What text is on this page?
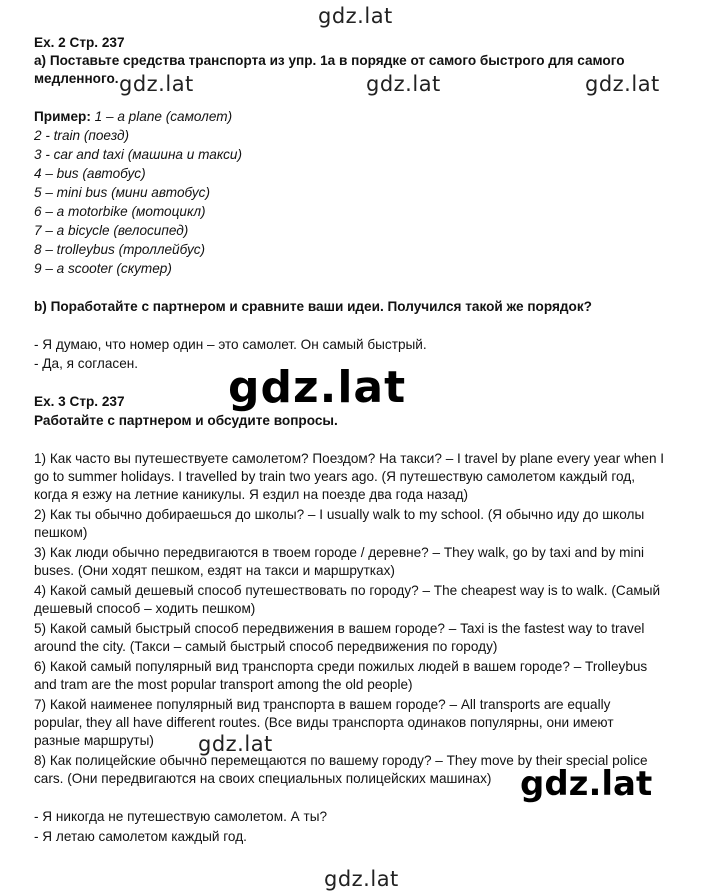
gdz.lat
gdz.lat	gdz.lat	gdz.lat
gdz.lat
gdz.lat
gdz.lat
gdz.lat
Ex. 2 Стр. 237
а) Поставьте средства транспорта из упр. 1а в порядке от самого быстрого для самого
медленного.
Пример: 1 – a plane (самолет)
2 - train (поезд)
3 - car and taxi (машина и такси)
4 – bus (автобус)
5 – mini bus (мини автобус)
6 – a motorbike (мотоцикл)
7 – a bicycle (велосипед)
8 – trolleybus (троллейбус)
9 – a scooter (скутер)
b) Поработайте с партнером и сравните ваши идеи. Получился такой же порядок?
- Я думаю, что номер один – это самолет. Он самый быстрый.
- Да, я согласен.
Ex. 3 Стр. 237
Работайте с партнером и обсудите вопросы.
1) Как часто вы путешествуете самолетом? Поездом? На такси? – I travel by plane every year when I
go to summer holidays. I travelled by train two years ago. (Я путешествую самолетом каждый год,
когда я езжу на летние каникулы. Я ездил на поезде два года назад)
2) Как ты обычно добираешься до школы? – I usually walk to my school. (Я обычно иду до школы
пешком)
3) Как люди обычно передвигаются в твоем городе / деревне? – They walk, go by taxi and by mini
buses. (Они ходят пешком, ездят на такси и маршрутках)
4) Какой самый дешевый способ путешествовать по городу? – The cheapest way is to walk. (Самый
дешевый способ – ходить пешком)
5) Какой самый быстрый способ передвижения в вашем городе? – Taxi is the fastest way to travel
around the city. (Такси – самый быстрый способ передвижения по городу)
6) Какой самый популярный вид транспорта среди пожилых людей в вашем городе? – Trolleybus
and tram are the most popular transport among the old people)
7) Какой наименее популярный вид транспорта в вашем городе? – All transports are equally
popular, they all have different routes. (Все виды транспорта одинаков популярны, они имеют
разные маршруты)
8) Как полицейские обычно перемещаются по вашему городу? – They move by their special police
cars. (Они передвигаются на своих специальных полицейских машинах)
- Я никогда не путешествую самолетом. А ты?
- Я летаю самолетом каждый год.
